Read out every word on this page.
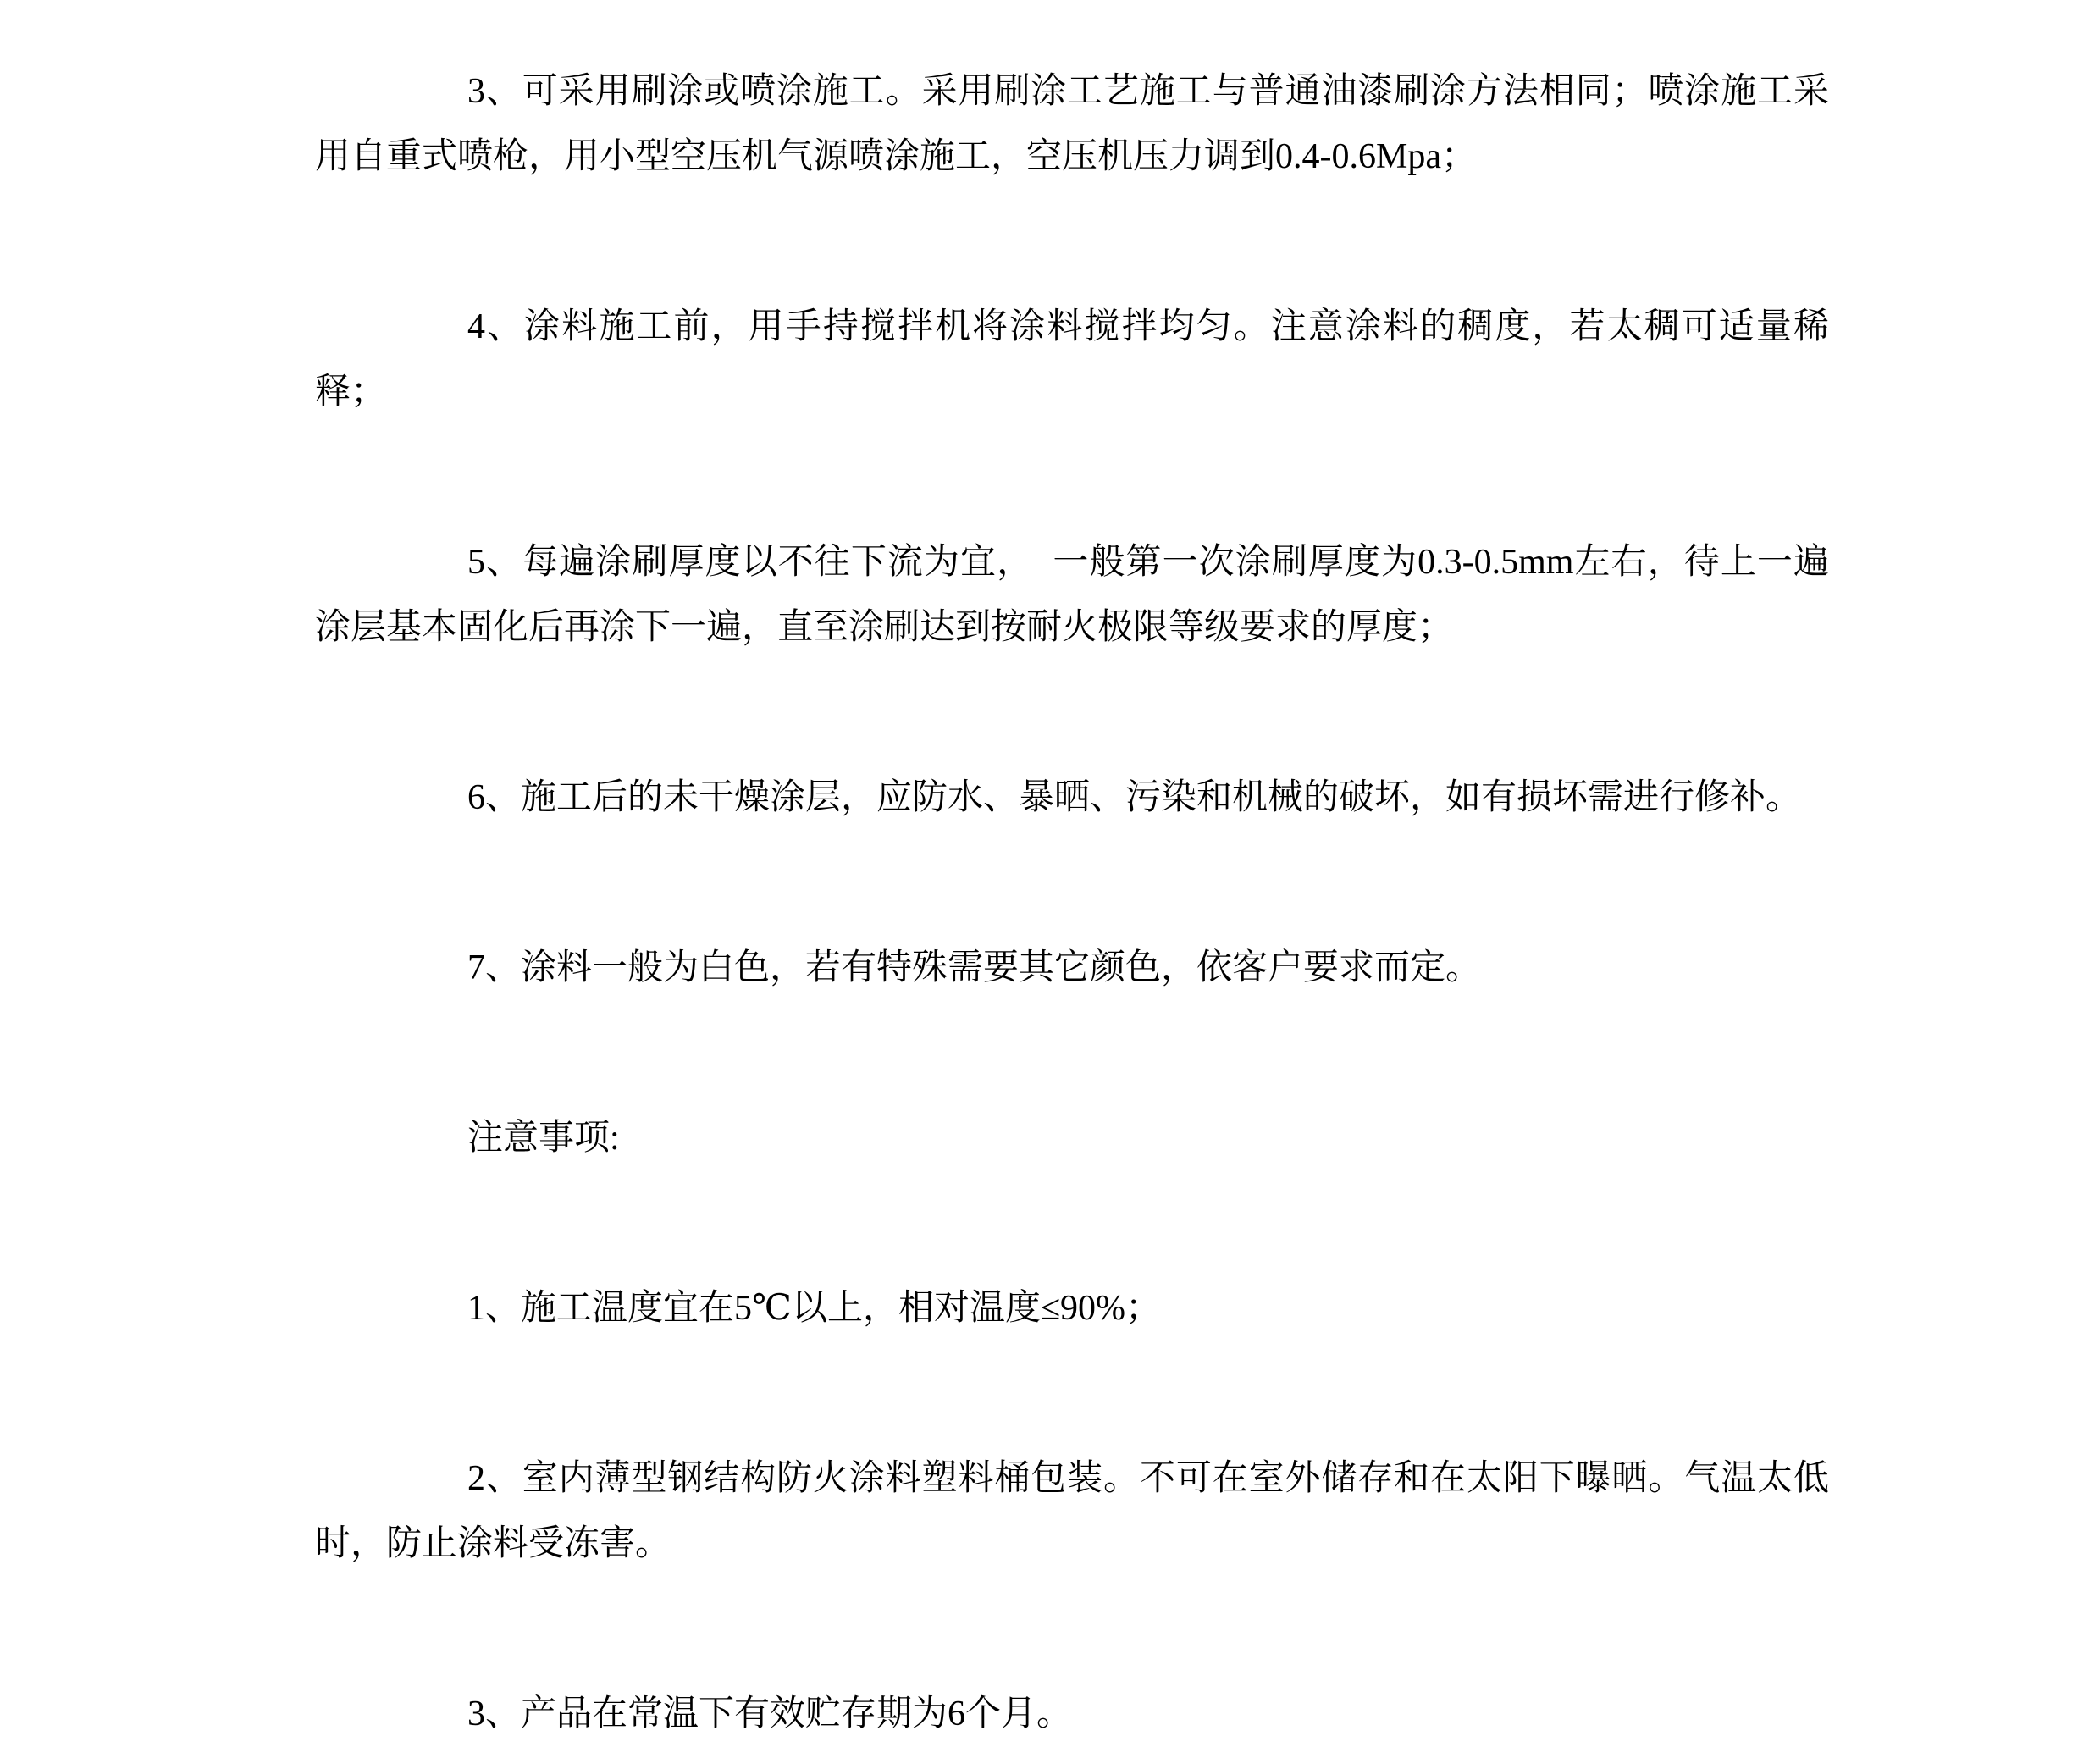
3、可采用刷涂或喷涂施工。采用刷涂工艺施工与普通油漆刷涂方法相同；喷涂施工采用自重式喷枪，用小型空压机气源喷涂施工，空压机压力调到0.4-0.6Mpa；

4、涂料施工前，用手持搅拌机将涂料搅拌均匀。注意涂料的稠度，若太稠可适量稀释；

5、每遍涂刷厚度以不往下流为宜，  一般第一次涂刷厚度为0.3-0.5mm左右，待上一遍涂层基本固化后再涂下一遍，直至涂刷达到按耐火极限等级要求的厚度；

6、施工后的未干燥涂层，应防水、暴晒、污染和机械的破坏，如有损坏需进行修补。

7、涂料一般为白色，若有特殊需要其它颜色，依客户要求而定。

注意事项:

1、施工温度宜在5℃以上，相对温度≤90%；

2、室内薄型钢结构防火涂料塑料桶包装。不可在室外储存和在太阳下曝晒。气温太低时，防止涂料受冻害。

3、产品在常温下有效贮存期为6个月。
